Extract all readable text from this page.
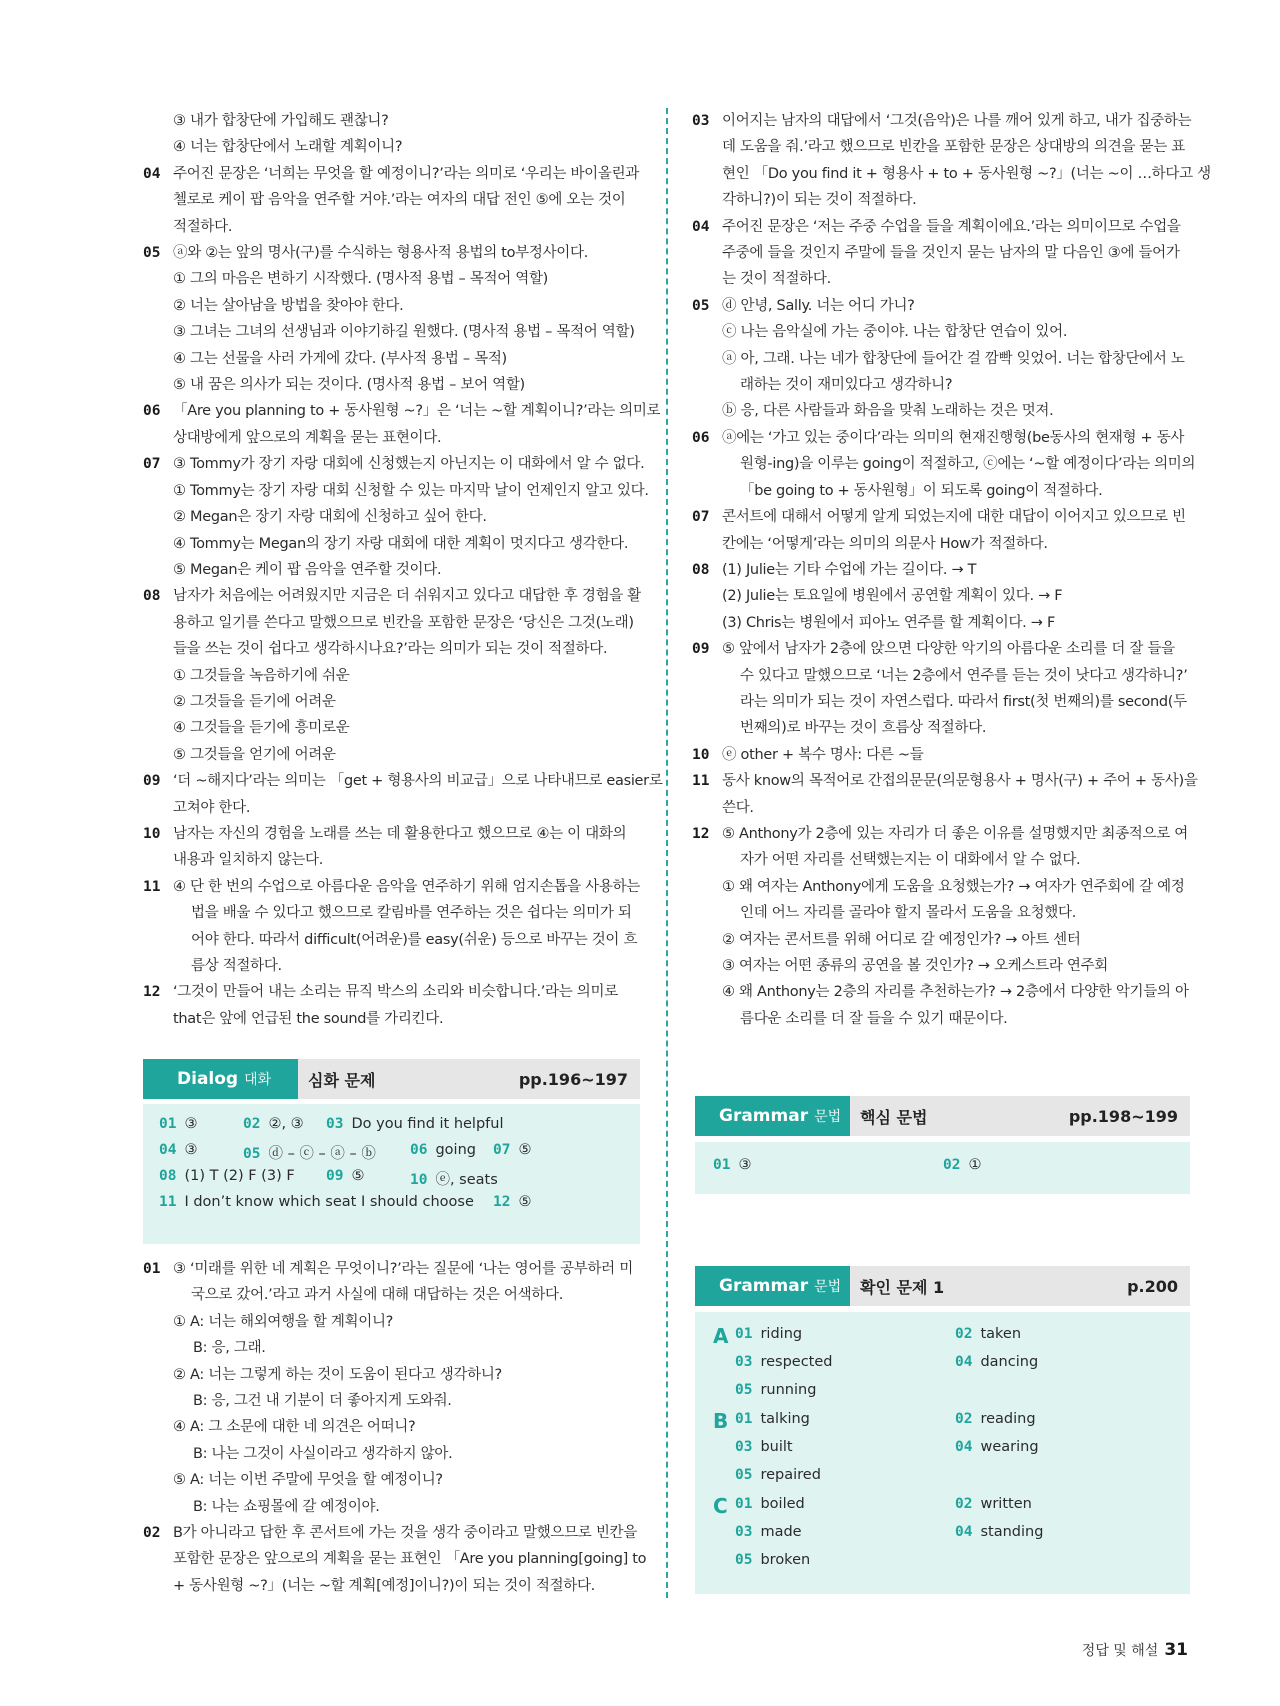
③ 내가 합창단에 가입해도 괜찮니?
④ 너는 합창단에서 노래할 계획이니?
04 주어진 문장은 ‘너희는 무엇을 할 예정이니?’라는 의미로 ‘우리는 바이올린과
첼로로 케이 팝 음악을 연주할 거야.’라는 여자의 대답 전인 ⑤에 오는 것이
적절하다.
05 ⓐ와 ②는 앞의 명사(구)를 수식하는 형용사적 용법의 to부정사이다.
① 그의 마음은 변하기 시작했다. (명사적 용법 – 목적어 역할)
② 너는 살아남을 방법을 찾아야 한다.
③ 그녀는 그녀의 선생님과 이야기하길 원했다. (명사적 용법 – 목적어 역할)
④ 그는 선물을 사러 가게에 갔다. (부사적 용법 – 목적)
⑤ 내 꿈은 의사가 되는 것이다. (명사적 용법 – 보어 역할)
06 「Are you planning to + 동사원형 ~?」은 ‘너는 ~할 계획이니?’라는 의미로
상대방에게 앞으로의 계획을 묻는 표현이다.
07 ③ Tommy가 장기 자랑 대회에 신청했는지 아닌지는 이 대화에서 알 수 없다.
① Tommy는 장기 자랑 대회 신청할 수 있는 마지막 날이 언제인지 알고 있다.
② Megan은 장기 자랑 대회에 신청하고 싶어 한다.
④ Tommy는 Megan의 장기 자랑 대회에 대한 계획이 멋지다고 생각한다.
⑤ Megan은 케이 팝 음악을 연주할 것이다.
08 남자가 처음에는 어려웠지만 지금은 더 쉬워지고 있다고 대답한 후 경험을 활
용하고 일기를 쓴다고 말했으므로 빈칸을 포함한 문장은 ‘당신은 그것(노래)
들을 쓰는 것이 쉽다고 생각하시나요?’라는 의미가 되는 것이 적절하다.
① 그것들을 녹음하기에 쉬운
② 그것들을 듣기에 어려운
④ 그것들을 듣기에 흥미로운
⑤ 그것들을 얻기에 어려운
09 ‘더 ~해지다’라는 의미는 「get + 형용사의 비교급」으로 나타내므로 easier로
고쳐야 한다.
10 남자는 자신의 경험을 노래를 쓰는 데 활용한다고 했으므로 ④는 이 대화의
내용과 일치하지 않는다.
11 ④ 단 한 번의 수업으로 아름다운 음악을 연주하기 위해 엄지손톱을 사용하는
법을 배울 수 있다고 했으므로 칼림바를 연주하는 것은 쉽다는 의미가 되
어야 한다. 따라서 difficult(어려운)를 easy(쉬운) 등으로 바꾸는 것이 흐
름상 적절하다.
12 ‘그것이 만들어 내는 소리는 뮤직 박스의 소리와 비슷합니다.’라는 의미로
that은 앞에 언급된 the sound를 가리킨다.
01 ③ ‘미래를 위한 네 계획은 무엇이니?’라는 질문에 ‘나는 영어를 공부하러 미
국으로 갔어.’라고 과거 사실에 대해 대답하는 것은 어색하다.
① A: 너는 해외여행을 할 계획이니?
B: 응, 그래.
② A: 너는 그렇게 하는 것이 도움이 된다고 생각하니?
B: 응, 그건 내 기분이 더 좋아지게 도와줘.
④ A: 그 소문에 대한 네 의견은 어떠니?
B: 나는 그것이 사실이라고 생각하지 않아.
⑤ A: 너는 이번 주말에 무엇을 할 예정이니?
B: 나는 쇼핑몰에 갈 예정이야.
02 B가 아니라고 답한 후 콘서트에 가는 것을 생각 중이라고 말했으므로 빈칸을
포함한 문장은 앞으로의 계획을 묻는 표현인 「Are you planning[going] to
+ 동사원형 ~?」(너는 ~할 계획[예정]이니?)이 되는 것이 적절하다.
03 이어지는 남자의 대답에서 ‘그것(음악)은 나를 깨어 있게 하고, 내가 집중하는
데 도움을 줘.’라고 했으므로 빈칸을 포함한 문장은 상대방의 의견을 묻는 표
현인 「Do you find it + 형용사 + to + 동사원형 ~?」(너는 ~이 …하다고 생
각하니?)이 되는 것이 적절하다.
04 주어진 문장은 ‘저는 주중 수업을 들을 계획이에요.’라는 의미이므로 수업을
주중에 들을 것인지 주말에 들을 것인지 묻는 남자의 말 다음인 ③에 들어가
는 것이 적절하다.
05 ⓓ 안녕, Sally. 너는 어디 가니?
ⓒ 나는 음악실에 가는 중이야. 나는 합창단 연습이 있어.
ⓐ 아, 그래. 나는 네가 합창단에 들어간 걸 깜빡 잊었어. 너는 합창단에서 노
래하는 것이 재미있다고 생각하니?
ⓑ 응, 다른 사람들과 화음을 맞춰 노래하는 것은 멋져.
06 ⓐ에는 ‘가고 있는 중이다’라는 의미의 현재진행형(be동사의 현재형 + 동사
원형-ing)을 이루는 going이 적절하고, ⓒ에는 ‘~할 예정이다’라는 의미의
「be going to + 동사원형」이 되도록 going이 적절하다.
07 콘서트에 대해서 어떻게 알게 되었는지에 대한 대답이 이어지고 있으므로 빈
칸에는 ‘어떻게’라는 의미의 의문사 How가 적절하다.
08 (1) Julie는 기타 수업에 가는 길이다. → T
(2) Julie는 토요일에 병원에서 공연할 계획이 있다. → F
(3) Chris는 병원에서 피아노 연주를 할 계획이다. → F
09 ⑤ 앞에서 남자가 2층에 앉으면 다양한 악기의 아름다운 소리를 더 잘 들을
수 있다고 말했으므로 ‘너는 2층에서 연주를 듣는 것이 낫다고 생각하니?’
라는 의미가 되는 것이 자연스럽다. 따라서 first(첫 번째의)를 second(두
번째의)로 바꾸는 것이 흐름상 적절하다.
10 ⓔ other + 복수 명사: 다른 ~들
11 동사 know의 목적어로 간접의문문(의문형용사 + 명사(구) + 주어 + 동사)을
쓴다.
12 ⑤ Anthony가 2층에 있는 자리가 더 좋은 이유를 설명했지만 최종적으로 여
자가 어떤 자리를 선택했는지는 이 대화에서 알 수 없다.
① 왜 여자는 Anthony에게 도움을 요청했는가? → 여자가 연주회에 갈 예정
인데 어느 자리를 골라야 할지 몰라서 도움을 요청했다.
② 여자는 콘서트를 위해 어디로 갈 예정인가? → 아트 센터
③ 여자는 어떤 종류의 공연을 볼 것인가? → 오케스트라 연주회
④ 왜 Anthony는 2층의 자리를 추천하는가? → 2층에서 다양한 악기들의 아
름다운 소리를 더 잘 들을 수 있기 때문이다.
Dialog 대화	심화 문제	pp.196~197
01 ③	02 ②, ③ 03 Do you find it helpful
04 ③	05 ⓓ – ⓒ – ⓐ – ⓑ 06 going 07 ⑤
08 (1) T (2) F (3) F 09 ⑤	10 ⓔ, seats
11 I don’t know which seat I should choose 12 ⑤
Grammar 문법	핵심 문법	pp.198~199
01 ③	02 ①
Grammar 문법	확인 문제 1	p.200
A 01 riding	02 taken
03 respected	04 dancing
05 running
B 01 talking	02 reading
03 built	04 wearing
05 repaired
C 01 boiled	02 written
03 made	04 standing
05 broken
정답 및 해설 31
